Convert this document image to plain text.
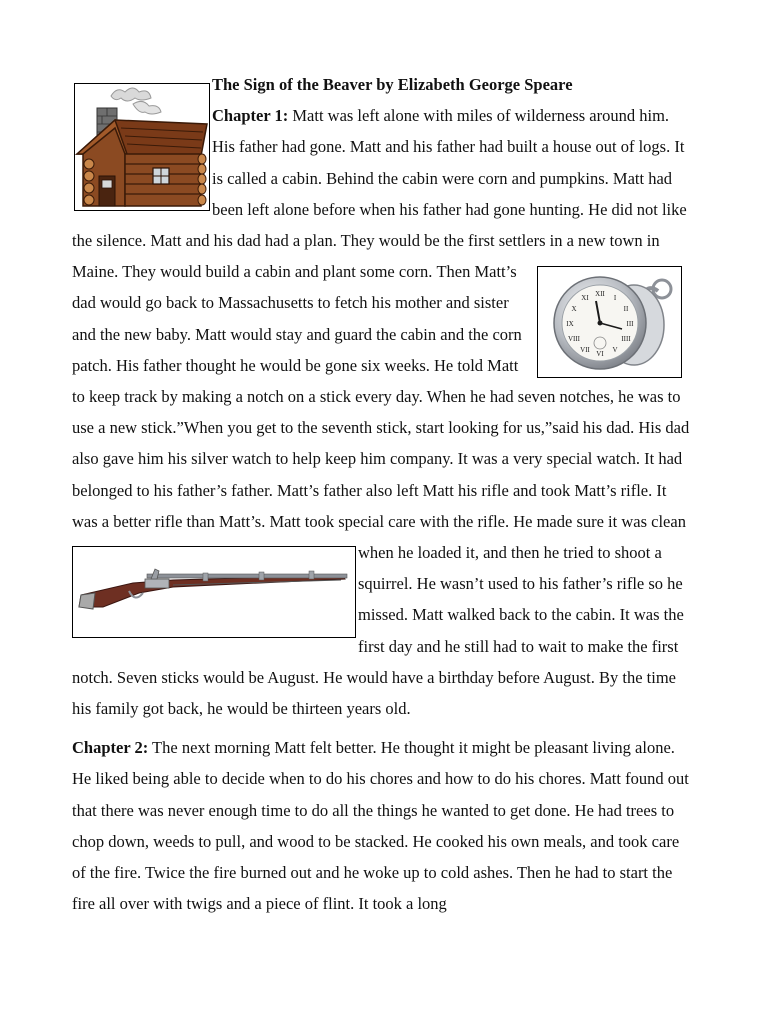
The Sign of the Beaver by Elizabeth George Speare
Chapter 1: Matt was left alone with miles of wilderness around him. His father had gone. Matt and his father had built a house out of logs. It is called a cabin. Behind the cabin were corn and pumpkins. Matt had been left alone before when his father had gone hunting. He did not like the silence. Matt and his dad had a plan. They would be the first settlers in a new town in Maine. They would build a cabin and plant some corn.
XII I
II
III
IIII
V
VI
VII
VIII
IX
X
XI
Then Matt’s dad would go back to Massachusetts to fetch his mother and sister and the new baby. Matt would stay and guard the cabin and the corn patch. His father thought he would be gone six weeks. He told Matt to keep track by making a notch on a stick every day. When he had seven notches, he was to use a new stick.”When you get to the seventh stick, start looking for us,”said his dad. His dad also gave him his silver watch to help keep him company. It was a very special watch. It had belonged to his father’s father. Matt’s father also left Matt his rifle and took Matt’s rifle. It was a better rifle than Matt’s. Matt took special care with the rifle. He made sure it was clean when
he loaded it, and then he tried to shoot a squirrel. He wasn’t used to his father’s rifle so he missed. Matt walked back to the cabin. It was the first day and he still had to wait to make the first notch. Seven sticks would be August. He would have a birthday before August. By the time his family got back, he would be thirteen years old.

Chapter 2: The next morning Matt felt better. He thought it might be pleasant living alone. He liked being able to decide when to do his chores and how to do his chores. Matt found out that there was never enough time to do all the things he wanted to get done. He had trees to chop down, weeds to pull, and wood to be stacked. He cooked his own meals, and took care of the fire. Twice the fire burned out and he woke up to cold ashes. Then he had to start the fire all over with twigs and a piece of flint. It took a long
